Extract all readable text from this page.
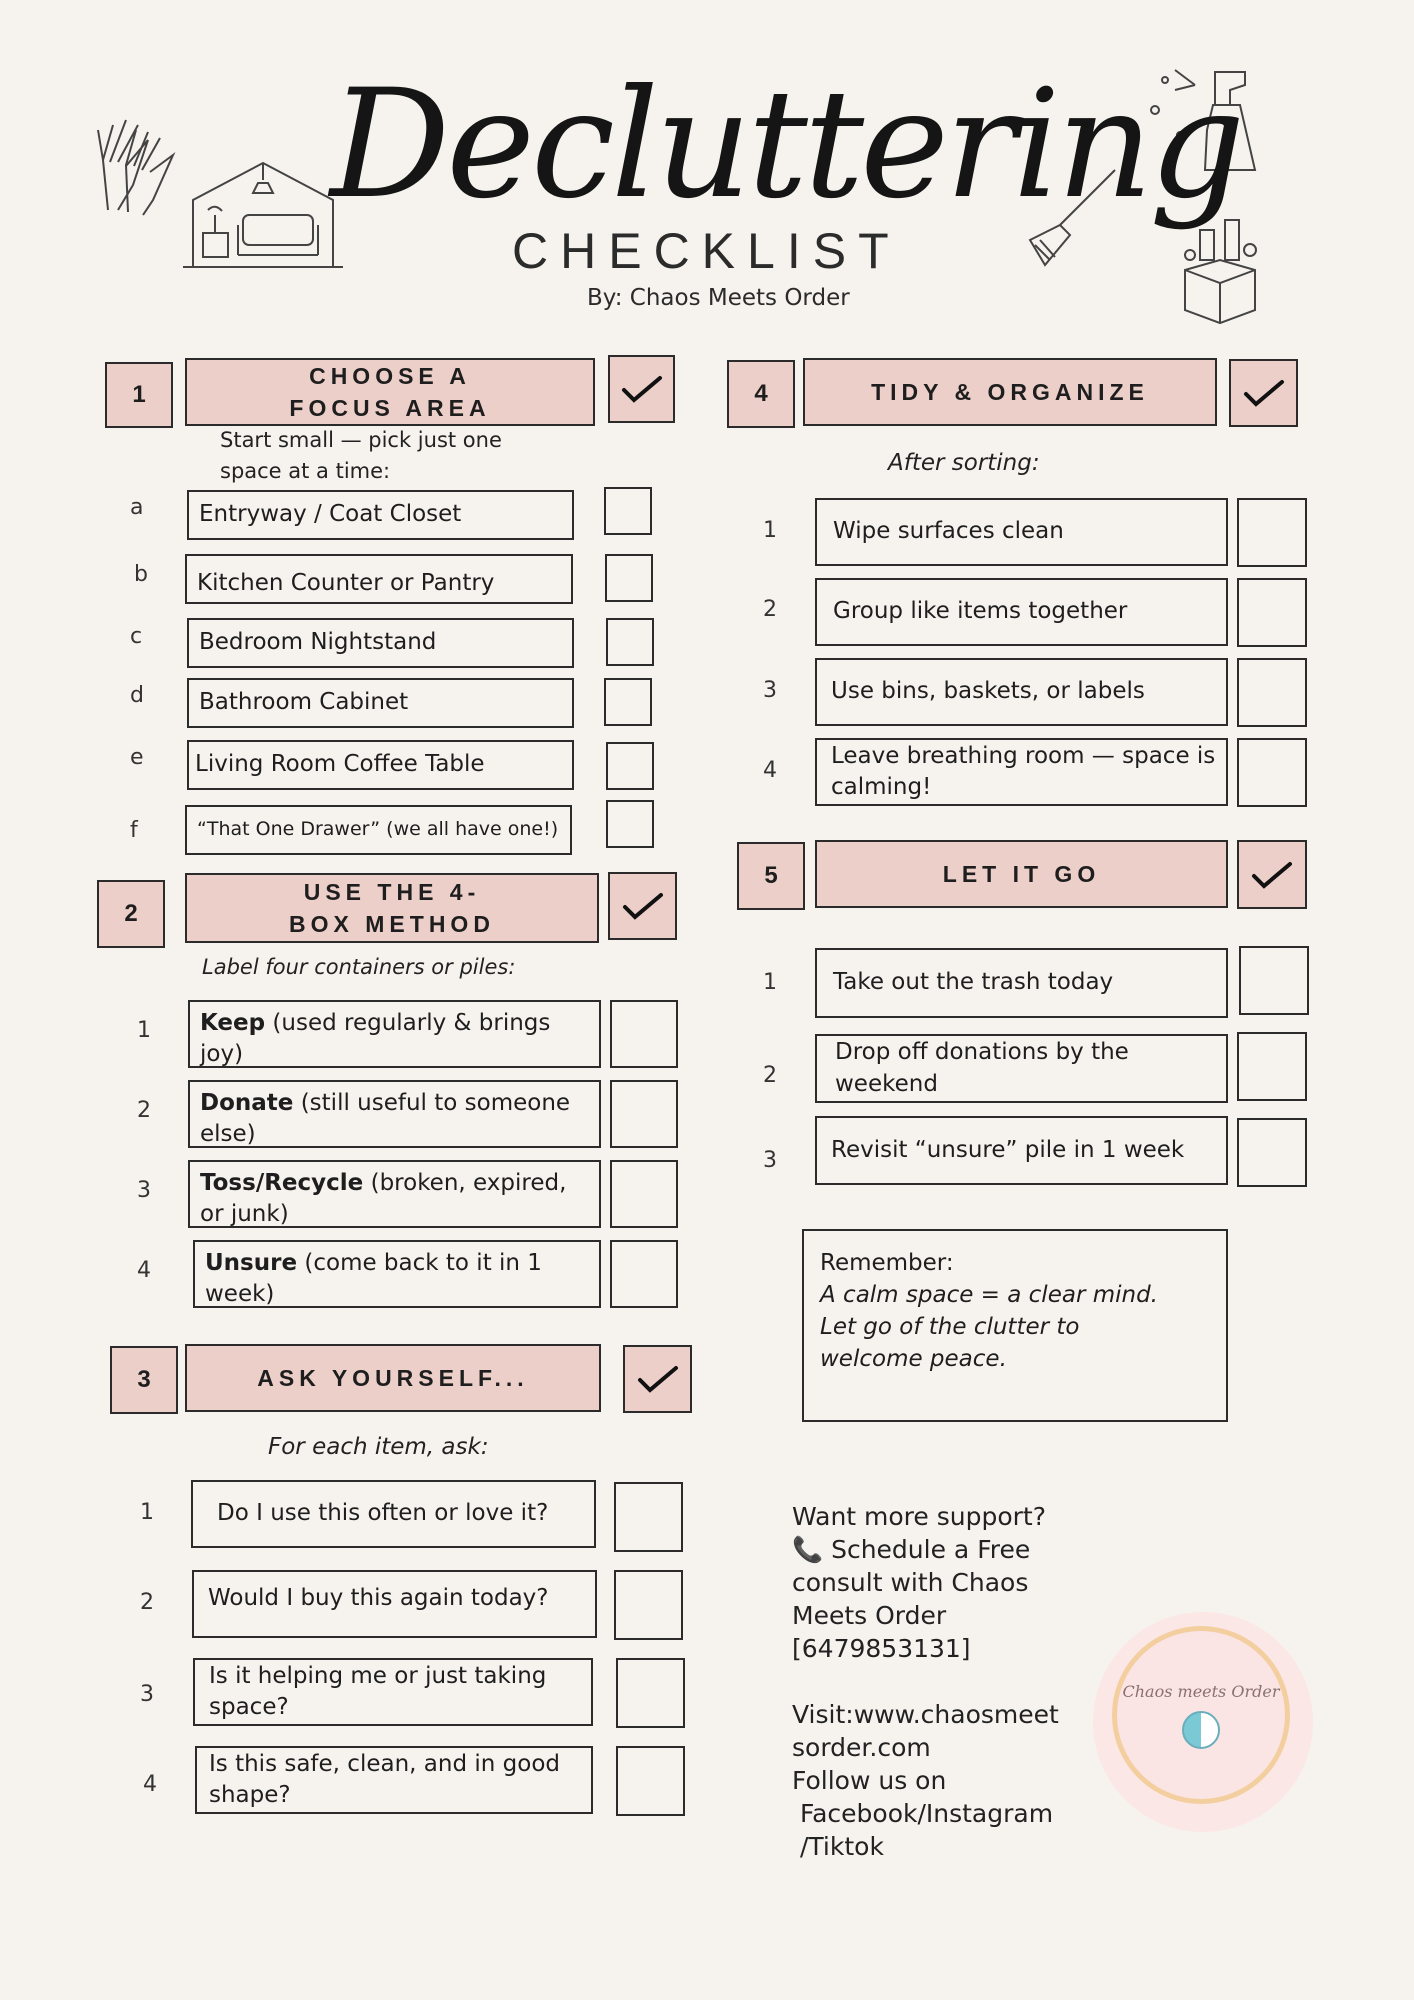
Decluttering
CHECKLIST
By: Chaos Meets Order
1
CHOOSE A FOCUS AREA
Start small — pick just one space at a time:
a	Entryway / Coat Closet
b	Kitchen Counter or Pantry
c	Bedroom Nightstand
d	Bathroom Cabinet
e	Living Room Coffee Table
f	“That One Drawer” (we all have one!)
2
USE THE 4-BOX METHOD
Label four containers or piles:
1	Keep (used regularly & brings joy)
2	Donate (still useful to someone else)
3	Toss/Recycle (broken, expired, or junk)
4	Unsure (come back to it in 1 week)
3	ASK YOURSELF...
For each item, ask:
1	Do I use this often or love it?
2	Would I buy this again today?
3
Is it helping me or just taking space?
4
Is this safe, clean, and in good shape?
4	TIDY & ORGANIZE
After sorting:
1	Wipe surfaces clean
2	Group like items together
3	Use bins, baskets, or labels
4
Leave breathing room — space is calming!
5	LET IT GO
1	Take out the trash today
2
Drop off donations by the weekend
3	Revisit “unsure” pile in 1 week
Remember:
A calm space = a clear mind. Let go of the clutter to welcome peace.
Want more support?
📞 Schedule a Free consult with Chaos Meets Order [6479853131]
Visit:www.chaosmeetsorder.com
Follow us on Facebook/Instagram /Tiktok
Chaos meets Order
